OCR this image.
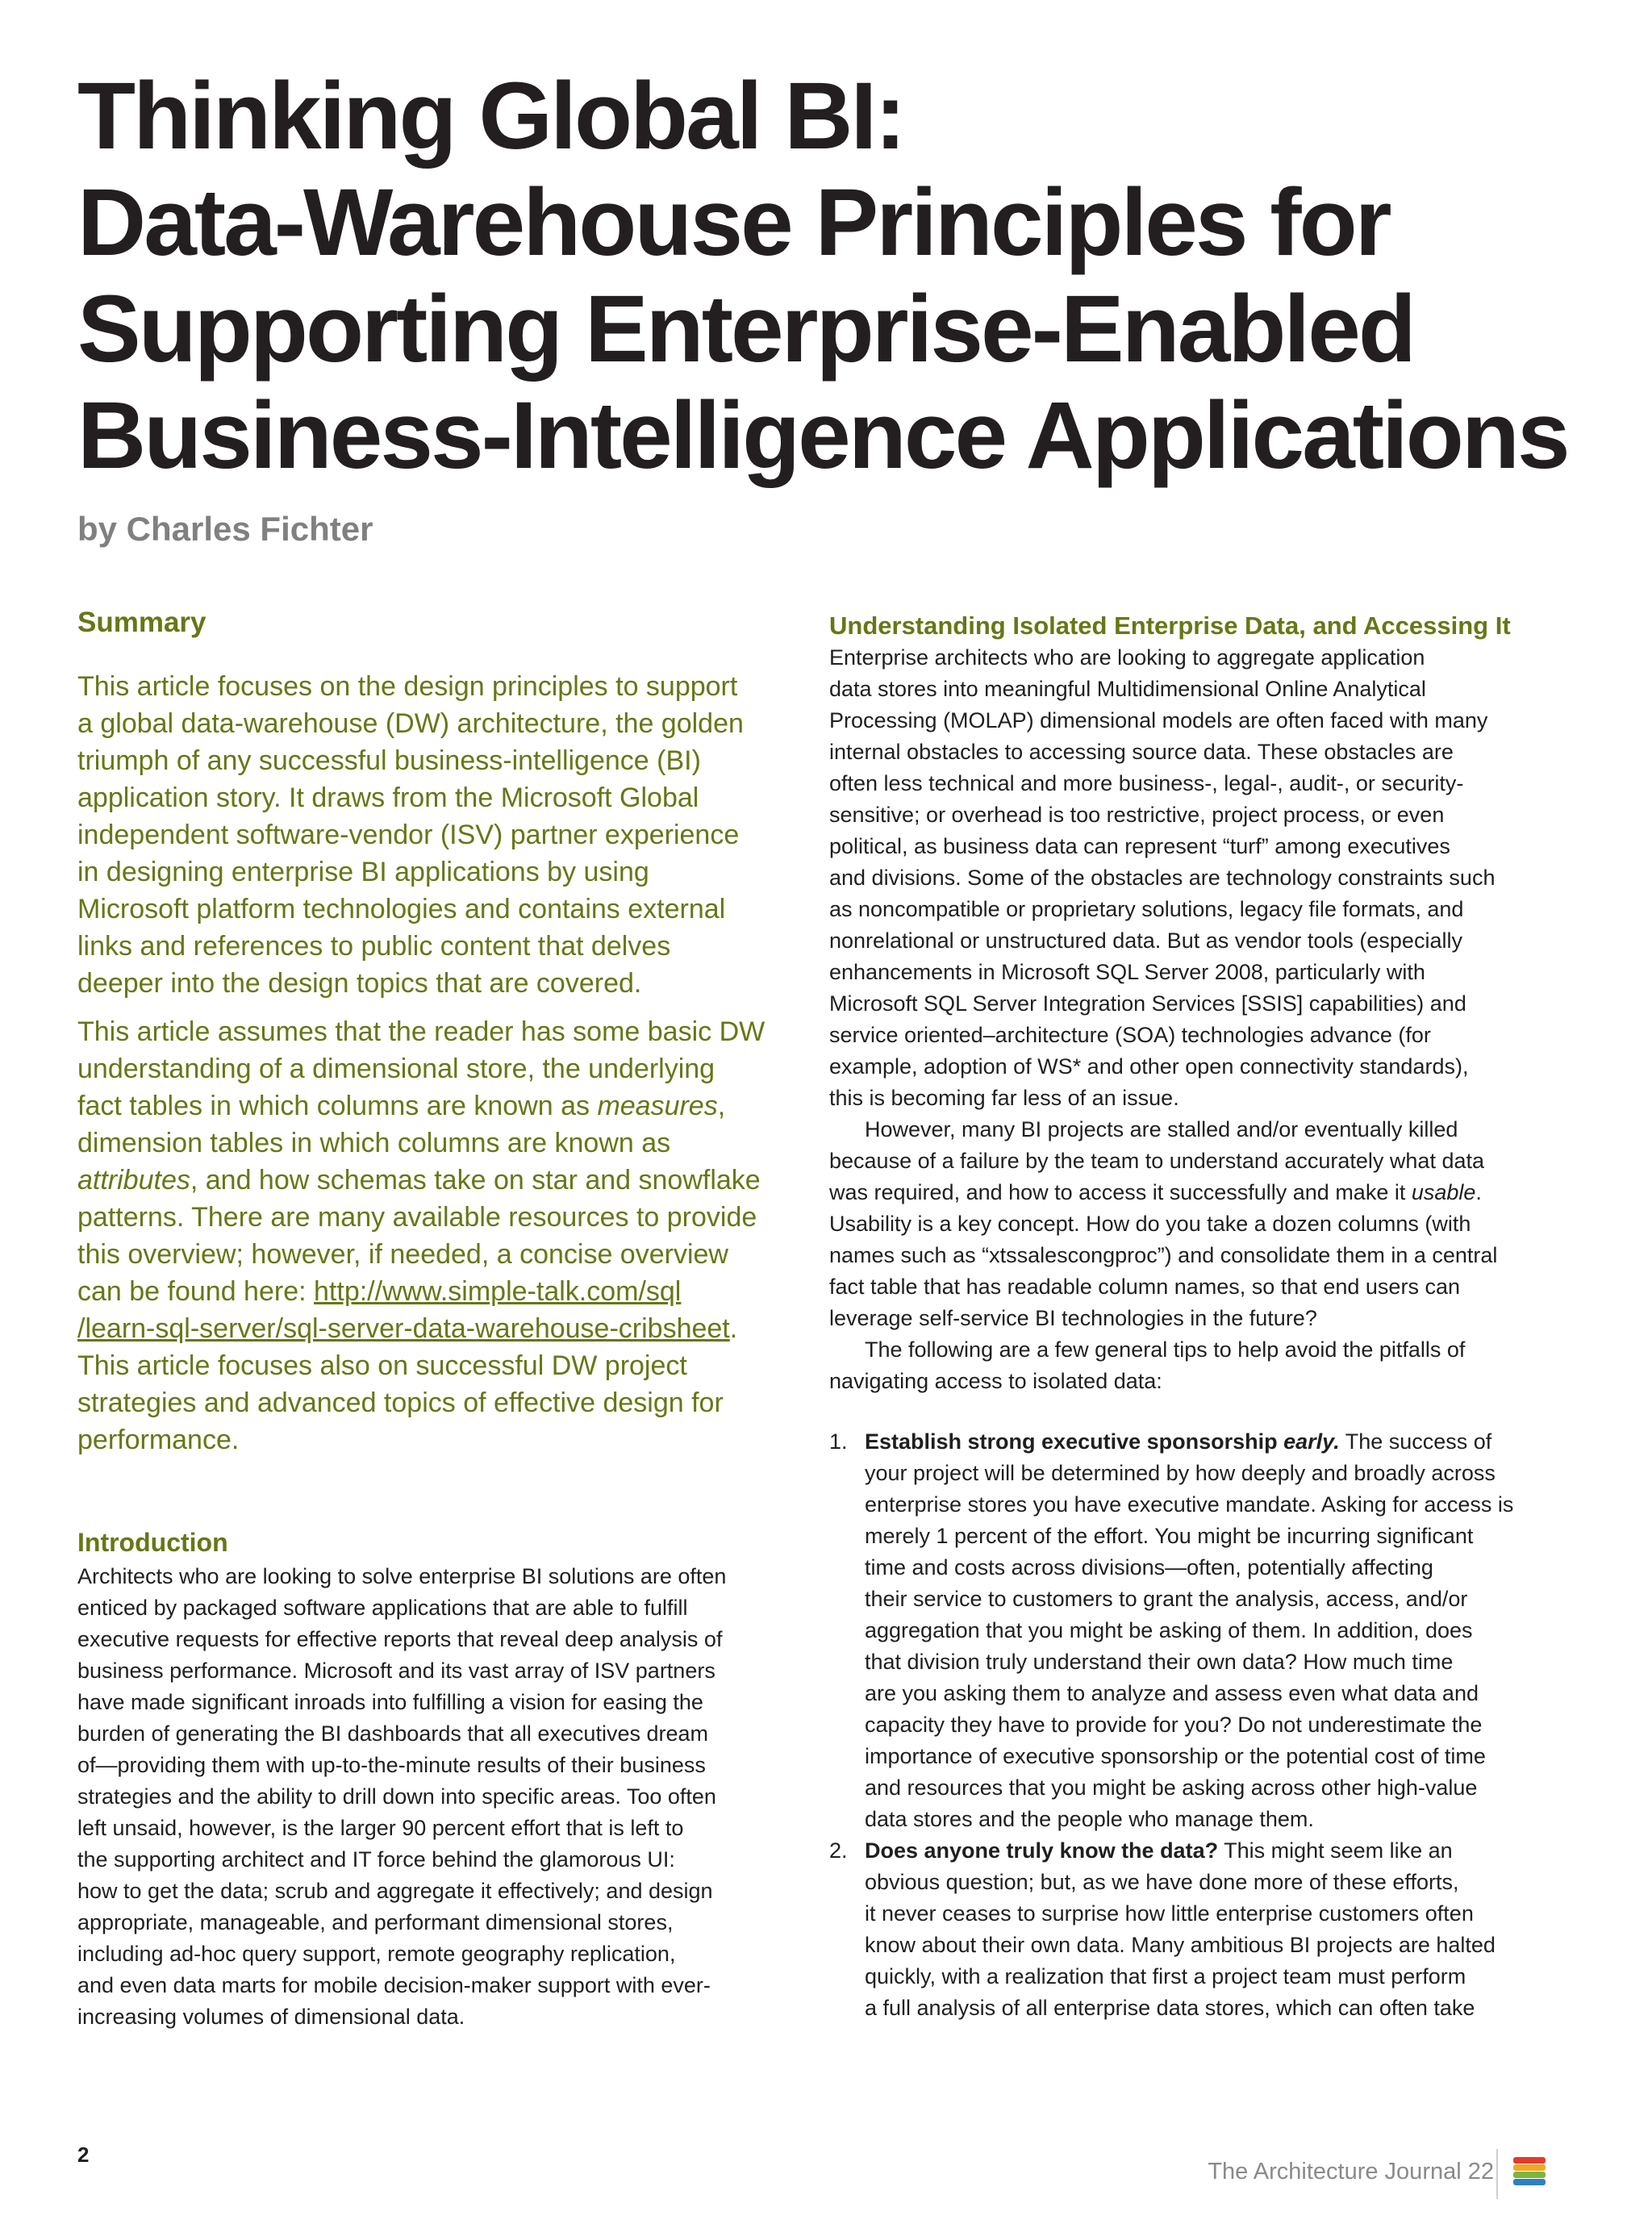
Thinking Global BI:
Data-Warehouse Principles for
Supporting Enterprise-Enabled
Business-Intelligence Applications
by Charles Fichter
Summary

This article focuses on the design principles to support
a global data-warehouse (DW) architecture, the golden
triumph of any successful business-intelligence (BI)
application story. It draws from the Microsoft Global
independent software-vendor (ISV) partner experience
in designing enterprise BI applications by using
Microsoft platform technologies and contains external
links and references to public content that delves
deeper into the design topics that are covered.

This article assumes that the reader has some basic DW
understanding of a dimensional store, the underlying
fact tables in which columns are known as measures,
dimension tables in which columns are known as
attributes, and how schemas take on star and snowflake
patterns. There are many available resources to provide
this overview; however, if needed, a concise overview
can be found here: http://www.simple-talk.com/sql
/learn-sql-server/sql-server-data-warehouse-cribsheet.
This article focuses also on successful DW project
strategies and advanced topics of effective design for
performance.

Introduction
Architects who are looking to solve enterprise BI solutions are often
enticed by packaged software applications that are able to fulfill
executive requests for effective reports that reveal deep analysis of
business performance. Microsoft and its vast array of ISV partners
have made significant inroads into fulfilling a vision for easing the
burden of generating the BI dashboards that all executives dream
of—providing them with up-to-the-minute results of their business
strategies and the ability to drill down into specific areas. Too often
left unsaid, however, is the larger 90 percent effort that is left to
the supporting architect and IT force behind the glamorous UI:
how to get the data; scrub and aggregate it effectively; and design
appropriate, manageable, and performant dimensional stores,
including ad-hoc query support, remote geography replication,
and even data marts for mobile decision-maker support with ever-
increasing volumes of dimensional data.
Understanding Isolated Enterprise Data, and Accessing It
Enterprise architects who are looking to aggregate application
data stores into meaningful Multidimensional Online Analytical
Processing (MOLAP) dimensional models are often faced with many
internal obstacles to accessing source data. These obstacles are
often less technical and more business-, legal-, audit-, or security-
sensitive; or overhead is too restrictive, project process, or even
political, as business data can represent “turf” among executives
and divisions. Some of the obstacles are technology constraints such
as noncompatible or proprietary solutions, legacy file formats, and
nonrelational or unstructured data. But as vendor tools (especially
enhancements in Microsoft SQL Server 2008, particularly with
Microsoft SQL Server Integration Services [SSIS] capabilities) and
service oriented–architecture (SOA) technologies advance (for
example, adoption of WS* and other open connectivity standards),
this is becoming far less of an issue.
However, many BI projects are stalled and/or eventually killed
because of a failure by the team to understand accurately what data
was required, and how to access it successfully and make it usable.
Usability is a key concept. How do you take a dozen columns (with
names such as “xtssalescongproc”) and consolidate them in a central
fact table that has readable column names, so that end users can
leverage self-service BI technologies in the future?
The following are a few general tips to help avoid the pitfalls of
navigating access to isolated data:
1. Establish strong executive sponsorship early. The success of
your project will be determined by how deeply and broadly across
enterprise stores you have executive mandate. Asking for access is
merely 1 percent of the effort. You might be incurring significant
time and costs across divisions—often, potentially affecting
their service to customers to grant the analysis, access, and/or
aggregation that you might be asking of them. In addition, does
that division truly understand their own data? How much time
are you asking them to analyze and assess even what data and
capacity they have to provide for you? Do not underestimate the
importance of executive sponsorship or the potential cost of time
and resources that you might be asking across other high-value
data stores and the people who manage them.
2. Does anyone truly know the data? This might seem like an
obvious question; but, as we have done more of these efforts,
it never ceases to surprise how little enterprise customers often
know about their own data. Many ambitious BI projects are halted
quickly, with a realization that first a project team must perform
a full analysis of all enterprise data stores, which can often take
2
The Architecture Journal 22
